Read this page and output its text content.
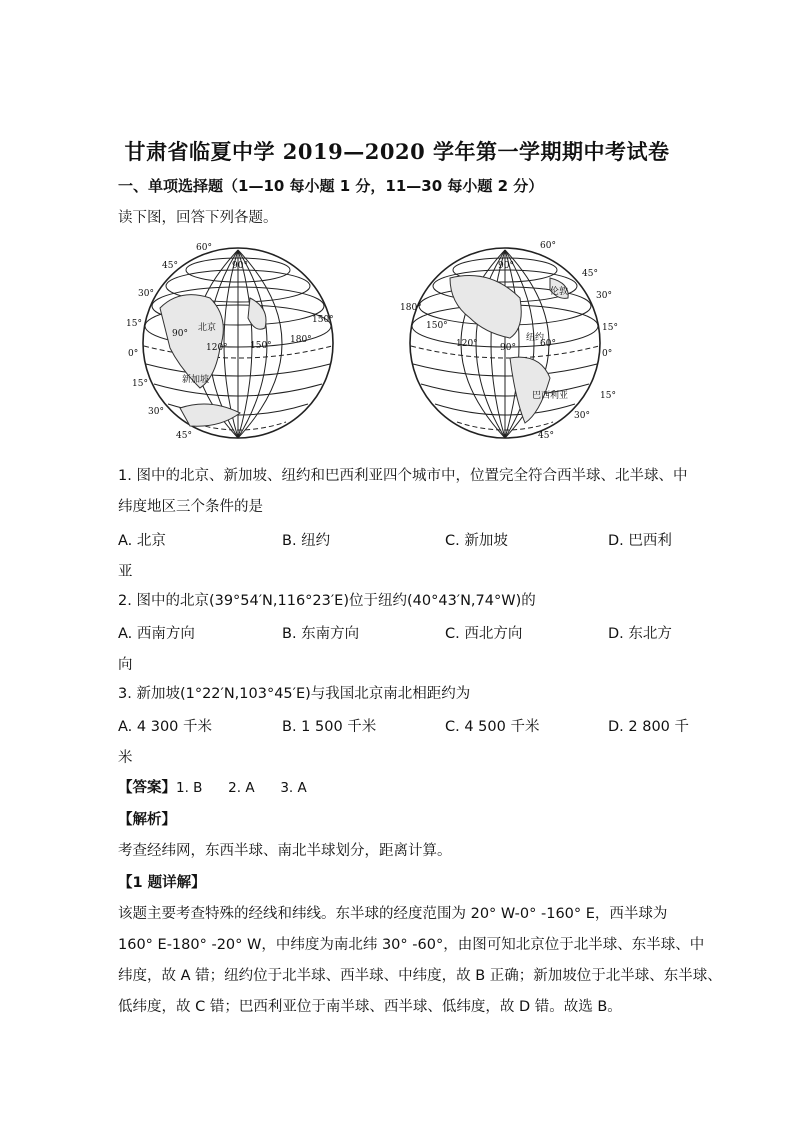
甘肃省临夏中学 2019—2020 学年第一学期期中考试卷
一、单项选择题（1—10 每小题 1 分，11—30 每小题 2 分）
读下图，回答下列各题。
60°
45°
30°
15°
0°
15°
30°
45°
90°
90°
120° 150°
150°
180°
北京
新加坡
60°
45°
30°
15°
0°
15°
30°
45°
90°
180°
150°
120° 90°	60°
伦敦
纽约
巴西利亚
1. 图中的北京、新加坡、纽约和巴西利亚四个城市中，位置完全符合西半球、北半球、中
纬度地区三个条件的是
A. 北京	B. 纽约	C. 新加坡	D. 巴西利
亚
2. 图中的北京(39°54′N,116°23′E)位于纽约(40°43′N,74°W)的
A. 西南方向	B. 东南方向	C. 西北方向	D. 东北方
向
3. 新加坡(1°22′N,103°45′E)与我国北京南北相距约为
A. 4 300 千米	B. 1 500 千米	C. 4 500 千米	D. 2 800 千
米
【答案】1. B      2. A      3. A
【解析】
考查经纬网，东西半球、南北半球划分，距离计算。
【1 题详解】
该题主要考查特殊的经线和纬线。东半球的经度范围为 20° W-0° -160° E，西半球为
160° E-180° -20° W，中纬度为南北纬 30° -60°，由图可知北京位于北半球、东半球、中
纬度，故 A 错；纽约位于北半球、西半球、中纬度，故 B 正确；新加坡位于北半球、东半球、
低纬度，故 C 错；巴西利亚位于南半球、西半球、低纬度，故 D 错。故选 B。
